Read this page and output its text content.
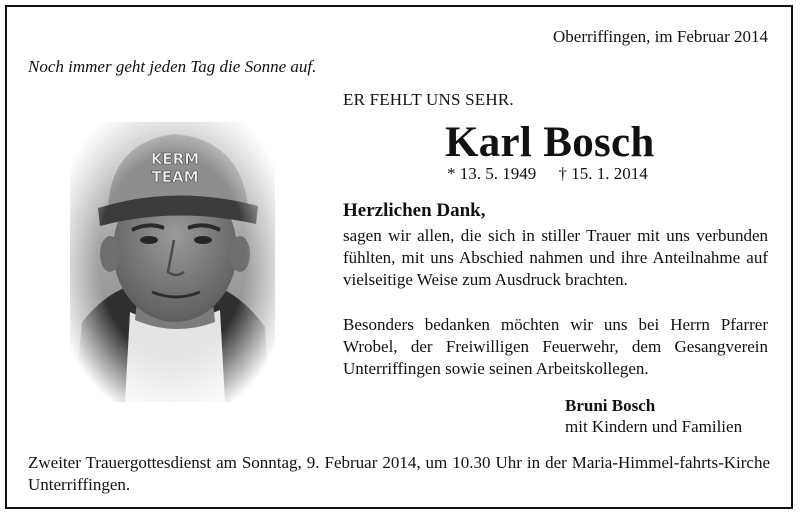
Oberriffingen, im Februar 2014
Noch immer geht jeden Tag die Sonne auf.
ER FEHLT UNS SEHR.
Karl Bosch
* 13. 5. 1949 † 15. 1. 2014
Herzlichen Dank,
sagen wir allen, die sich in stiller Trauer mit uns verbunden fühlten, mit uns Abschied nahmen und ihre Anteilnahme auf vielseitige Weise zum Ausdruck brachten.
Besonders bedanken möchten wir uns bei Herrn Pfarrer Wrobel, der Freiwilligen Feuerwehr, dem Gesangverein Unterriffingen sowie seinen Arbeitskollegen.
Bruni Bosch
mit Kindern und Familien
Zweiter Trauergottesdienst am Sonntag, 9. Februar 2014, um 10.30 Uhr in der Maria-Himmel-fahrts-Kirche Unterriffingen.
